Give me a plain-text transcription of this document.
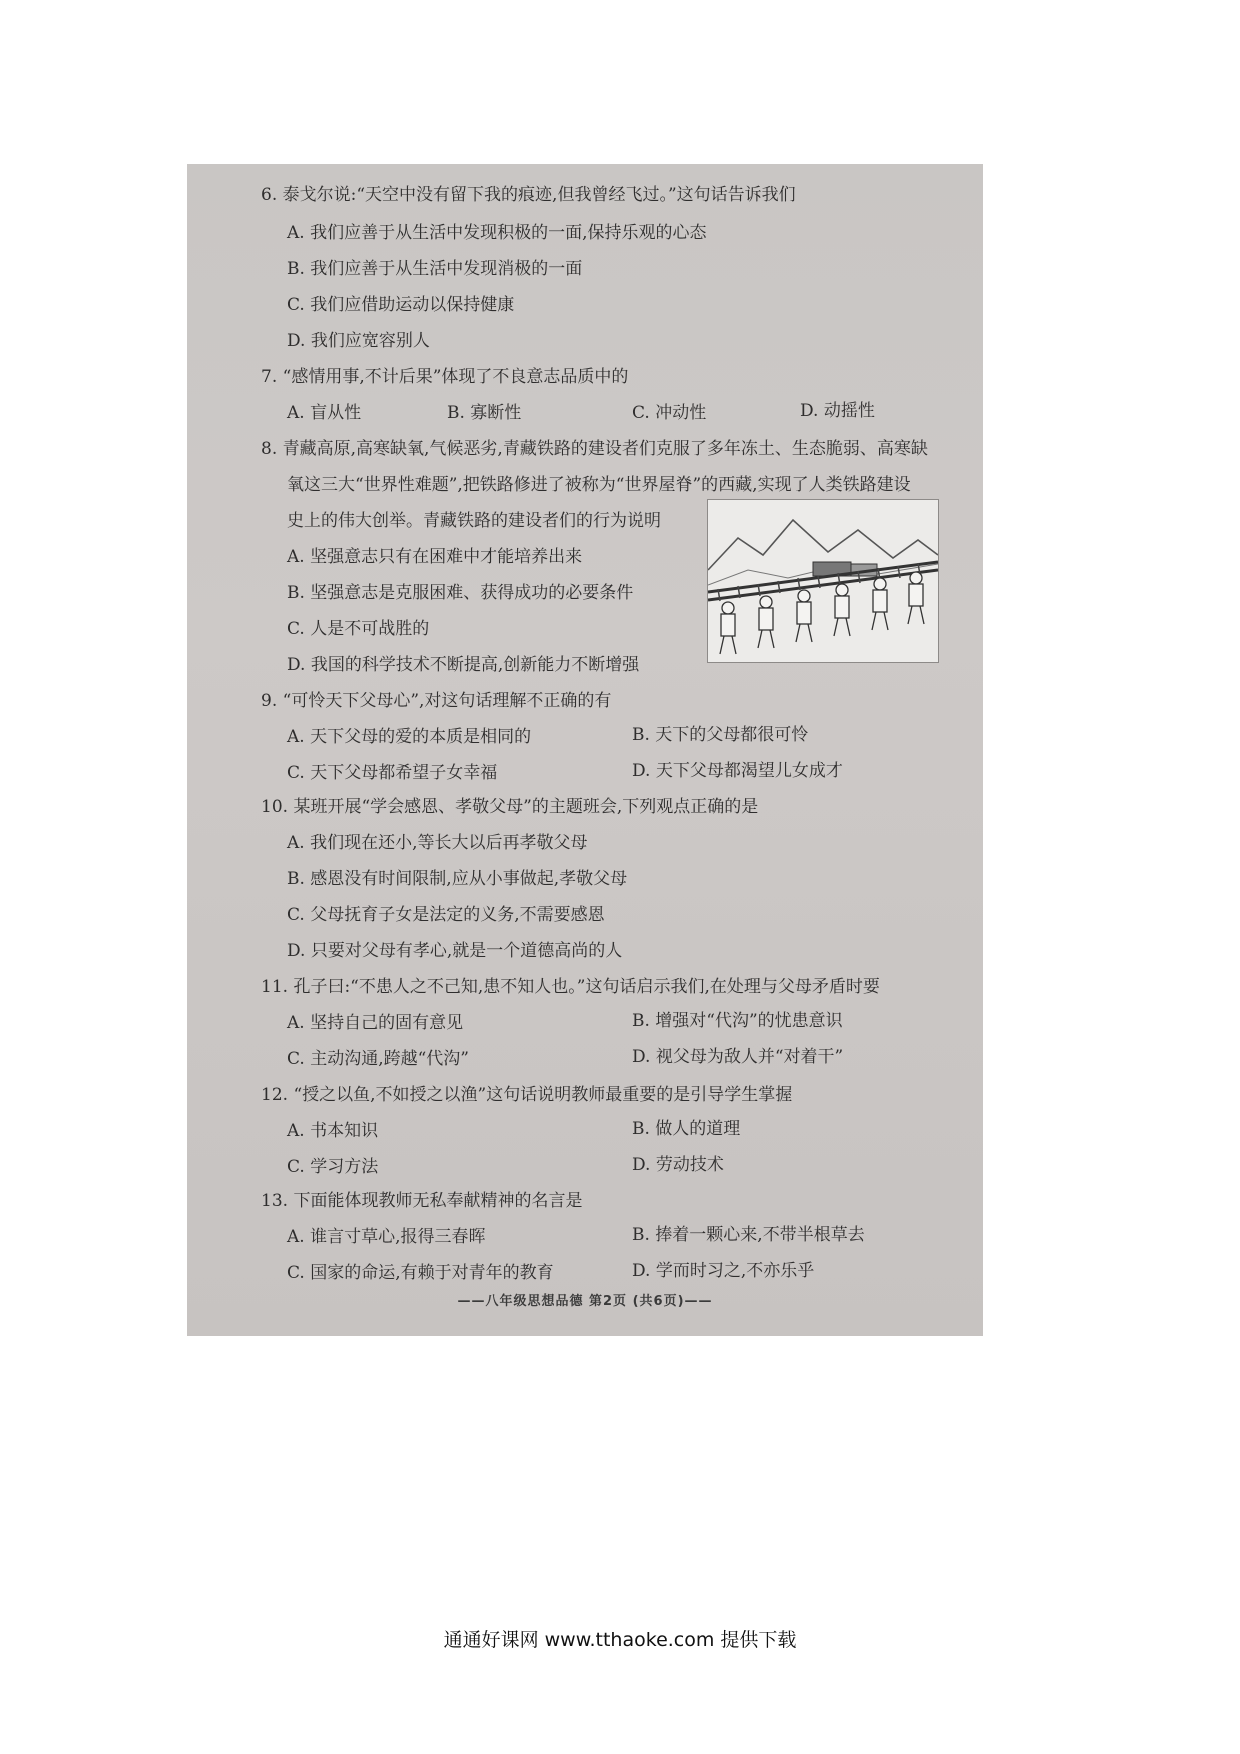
6. 泰戈尔说:“天空中没有留下我的痕迹,但我曾经飞过。”这句话告诉我们
A. 我们应善于从生活中发现积极的一面,保持乐观的心态
B. 我们应善于从生活中发现消极的一面
C. 我们应借助运动以保持健康
D. 我们应宽容别人
7. “感情用事,不计后果”体现了不良意志品质中的
A. 盲从性	B. 寡断性	C. 冲动性	D. 动摇性
8. 青藏高原,高寒缺氧,气候恶劣,青藏铁路的建设者们克服了多年冻土、生态脆弱、高寒缺
氧这三大“世界性难题”,把铁路修进了被称为“世界屋脊”的西藏,实现了人类铁路建设
史上的伟大创举。青藏铁路的建设者们的行为说明
A. 坚强意志只有在困难中才能培养出来
B. 坚强意志是克服困难、获得成功的必要条件
C. 人是不可战胜的
D. 我国的科学技术不断提高,创新能力不断增强
9. “可怜天下父母心”,对这句话理解不正确的有
A. 天下父母的爱的本质是相同的	B. 天下的父母都很可怜
C. 天下父母都希望子女幸福	D. 天下父母都渴望儿女成才
10. 某班开展“学会感恩、孝敬父母”的主题班会,下列观点正确的是
A. 我们现在还小,等长大以后再孝敬父母
B. 感恩没有时间限制,应从小事做起,孝敬父母
C. 父母抚育子女是法定的义务,不需要感恩
D. 只要对父母有孝心,就是一个道德高尚的人
11. 孔子曰:“不患人之不己知,患不知人也。”这句话启示我们,在处理与父母矛盾时要
A. 坚持自己的固有意见	B. 增强对“代沟”的忧患意识
C. 主动沟通,跨越“代沟”	D. 视父母为敌人并“对着干”
12. “授之以鱼,不如授之以渔”这句话说明教师最重要的是引导学生掌握
A. 书本知识	B. 做人的道理
C. 学习方法	D. 劳动技术
13. 下面能体现教师无私奉献精神的名言是
A. 谁言寸草心,报得三春晖	B. 捧着一颗心来,不带半根草去
C. 国家的命运,有赖于对青年的教育	D. 学而时习之,不亦乐乎
——八年级思想品德 第2页 (共6页)——
通通好课网 www.tthaoke.com 提供下载
